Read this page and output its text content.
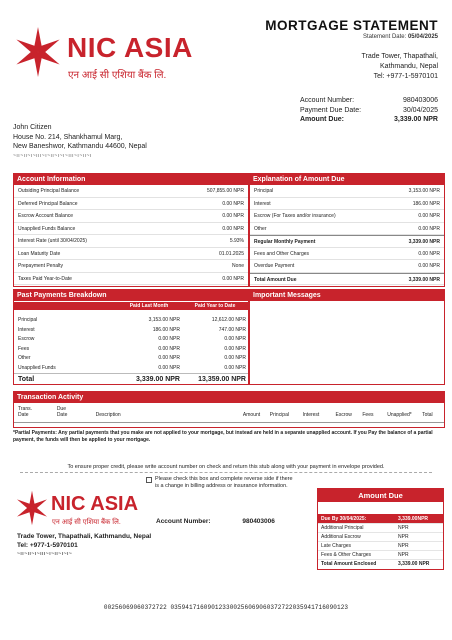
NIC ASIA
एन आई सी एशिया बैंक लि.
MORTGAGE STATEMENT
Statement Date: 05/04/2025
Trade Tower, Thapathali,
Kathmandu, Nepal
Tel: +977-1-5970101
Account Number:	980403006
Payment Due Date:	30/04/2025
Amount Due:	3,339.00 NPR
John Citizen
House No. 214, Shankhamul Marg,
New Baneshwor, Kathmandu 44600, Nepal
~ıı~ıı~ı~ııı~ı~ıı~ı~ı~ııı~ı~ıı~ı
Account Information
Outsiding Principal Balance	507,855.00 NPR
Deferred Principal Balance	0.00 NPR
Escrow Account Balance	0.00 NPR
Unapplied Funds Balance	0.00 NPR
Interest Rate (until 30/04/2025)	5.93%
Loan Maturity Date	01.01.2025
Prepayment Penalty	None
Taxes Paid Year-to-Date	0.00 NPR
Explanation of Amount Due
Principal	3,153.00 NPR
Interest	186.00 NPR
Escrow (For Taxes and/or insurance)	0.00 NPR
Other	0.00 NPR
Regular Monthly Payment	3,339.00 NPR
Fees and Other Charges	0.00 NPR
Overdue Payment	0.00 NPR
Total Amount Due	3,339.00 NPR
Past Payments Breakdown
Paid Last Month	Paid Year to Date
Principal	3,153.00 NPR	12,612.00 NPR
Interest	186.00 NPR	747.00 NPR
Escrow	0.00 NPR	0.00 NPR
Fees	0.00 NPR	0.00 NPR
Other	0.00 NPR	0.00 NPR
Unapplied Funds	0.00 NPR	0.00 NPR
Total	3,339.00 NPR	13,359.00 NPR
Important Messages
Transaction Activity
Trans.
Date
Due
Date	Description	Amount	Principal	Interest	Escrow	Fees	Unapplied*	Total
*Partial Payments: Any partial payments that you make are not applied to your mortgage, but instead are held in a separate unapplied account. If you Pay the balance of a partial payment, the funds will then be applied to your mortgage.
To ensure proper credit, please write account number on check and return this stub along with your payment in envelope provided.
Please check this box and complete reverse side if there
is a change in billing address or insurance information.
NIC ASIA
एन आई सी एशिया बैंक लि.	Account Number:	980403006
Trade Tower, Thapathali, Kathmandu, Nepal
Tel: +977-1-5970101
~ıı~ıı~ı~ııı~ı~ıı~ı~ı~
Amount Due
Due By 30/04/2025:	3,339.00NPR
Additional Principal	NPR
Additional Escrow	NPR
Late Charges	NPR
Fees & Other Charges	NPR
Total Amount Enclosed	3,339.00 NPR
00256069060372722 035941716090123300256069060372722035941716090123
